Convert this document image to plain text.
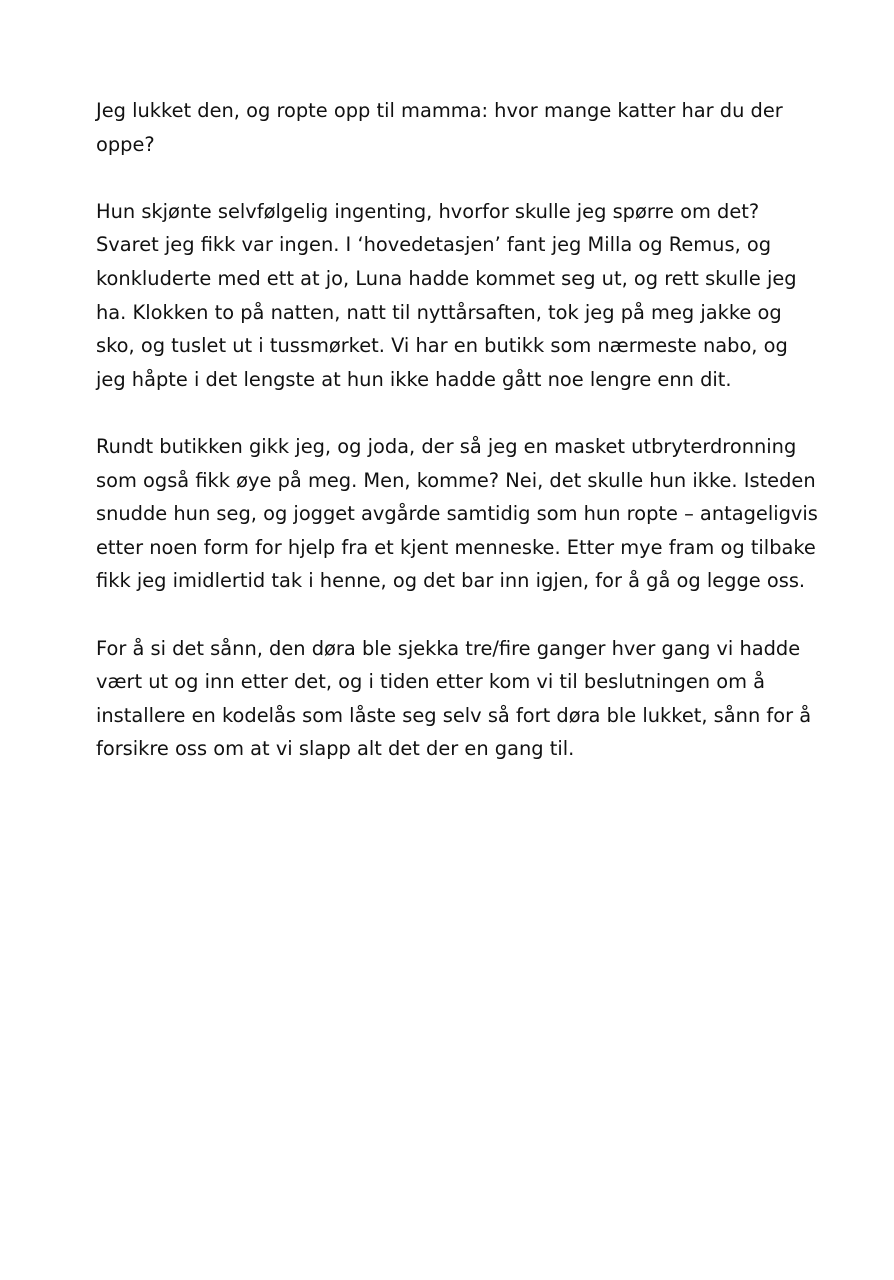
Jeg lukket den, og ropte opp til mamma: hvor mange katter har du der
oppe?

Hun skjønte selvfølgelig ingenting, hvorfor skulle jeg spørre om det?
Svaret jeg fikk var ingen. I ‘hovedetasjen’ fant jeg Milla og Remus, og
konkluderte med ett at jo, Luna hadde kommet seg ut, og rett skulle jeg
ha. Klokken to på natten, natt til nyttårsaften, tok jeg på meg jakke og
sko, og tuslet ut i tussmørket. Vi har en butikk som nærmeste nabo, og
jeg håpte i det lengste at hun ikke hadde gått noe lengre enn dit.

Rundt butikken gikk jeg, og joda, der så jeg en masket utbryterdronning
som også fikk øye på meg. Men, komme? Nei, det skulle hun ikke. Isteden
snudde hun seg, og jogget avgårde samtidig som hun ropte – antageligvis
etter noen form for hjelp fra et kjent menneske. Etter mye fram og tilbake
fikk jeg imidlertid tak i henne, og det bar inn igjen, for å gå og legge oss.

For å si det sånn, den døra ble sjekka tre/fire ganger hver gang vi hadde
vært ut og inn etter det, og i tiden etter kom vi til beslutningen om å
installere en kodelås som låste seg selv så fort døra ble lukket, sånn for å
forsikre oss om at vi slapp alt det der en gang til.
